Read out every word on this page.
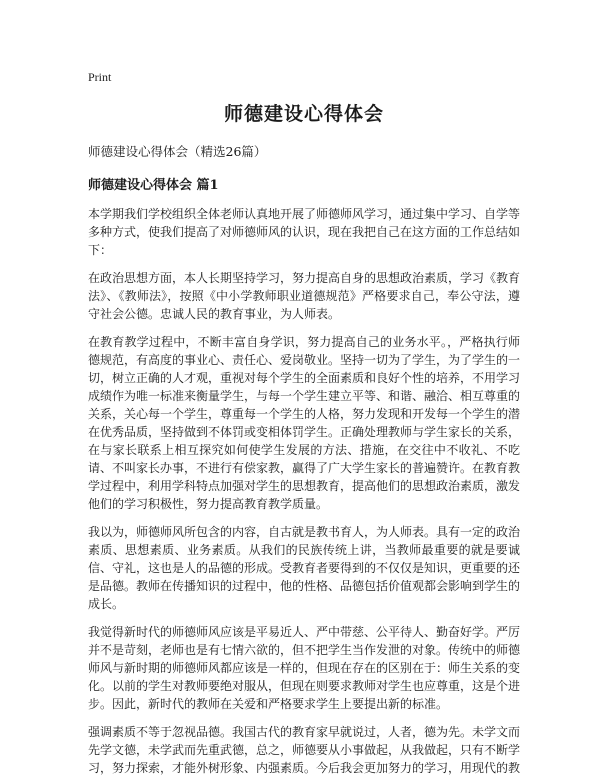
Print
师德建设心得体会
师德建设心得体会（精选26篇）
师德建设心得体会 篇1

本学期我们学校组织全体老师认真地开展了师德师风学习，通过集中学习、自学等多种方式，使我们提高了对师德师风的认识，现在我把自己在这方面的工作总结如下：

在政治思想方面，本人长期坚持学习，努力提高自身的思想政治素质，学习《教育法》、《教师法》，按照《中小学教师职业道德规范》严格要求自己，奉公守法，遵守社会公德。忠诚人民的教育事业，为人师表。

在教育教学过程中，不断丰富自身学识，努力提高自己的业务水平。，严格执行师德规范，有高度的事业心、责任心、爱岗敬业。坚持一切为了学生，为了学生的一切，树立正确的人才观，重视对每个学生的全面素质和良好个性的培养，不用学习成绩作为唯一标准来衡量学生，与每一个学生建立平等、和谐、融洽、相互尊重的关系，关心每一个学生，尊重每一个学生的人格，努力发现和开发每一个学生的潜在优秀品质，坚持做到不体罚或变相体罚学生。正确处理教师与学生家长的关系，在与家长联系上相互探究如何使学生发展的方法、措施，在交往中不收礼、不吃请、不叫家长办事，不进行有偿家教，赢得了广大学生家长的普遍赞许。在教育教学过程中，利用学科特点加强对学生的思想教育，提高他们的思想政治素质，激发他们的学习积极性，努力提高教育教学质量。

我以为，师德师风所包含的内容，自古就是教书育人，为人师表。具有一定的政治素质、思想素质、业务素质。从我们的民族传统上讲，当教师最重要的就是要诚信、守礼，这也是人的品德的形成。受教育者要得到的不仅仅是知识，更重要的还是品德。教师在传播知识的过程中，他的性格、品德包括价值观都会影响到学生的成长。

我觉得新时代的师德师风应该是平易近人、严中带慈、公平待人、勤奋好学。严厉并不是苛刻，老师也是有七情六欲的，但不把学生当作发泄的对象。传统中的师德师风与新时期的师德师风都应该是一样的，但现在存在的区别在于：师生关系的变化。以前的学生对教师要绝对服从，但现在则要求教师对学生也应尊重，这是个进步。因此，新时代的教师在关爱和严格要求学生上要提出新的标准。

强调素质不等于忽视品德。我国古代的教育家早就说过，人者，德为先。未学文而先学文德，未学武而先重武德，总之，师德要从小事做起，从我做起，只有不断学习，努力探索，才能外树形象、内强素质。今后我会更加努力的学习，用现代的教
